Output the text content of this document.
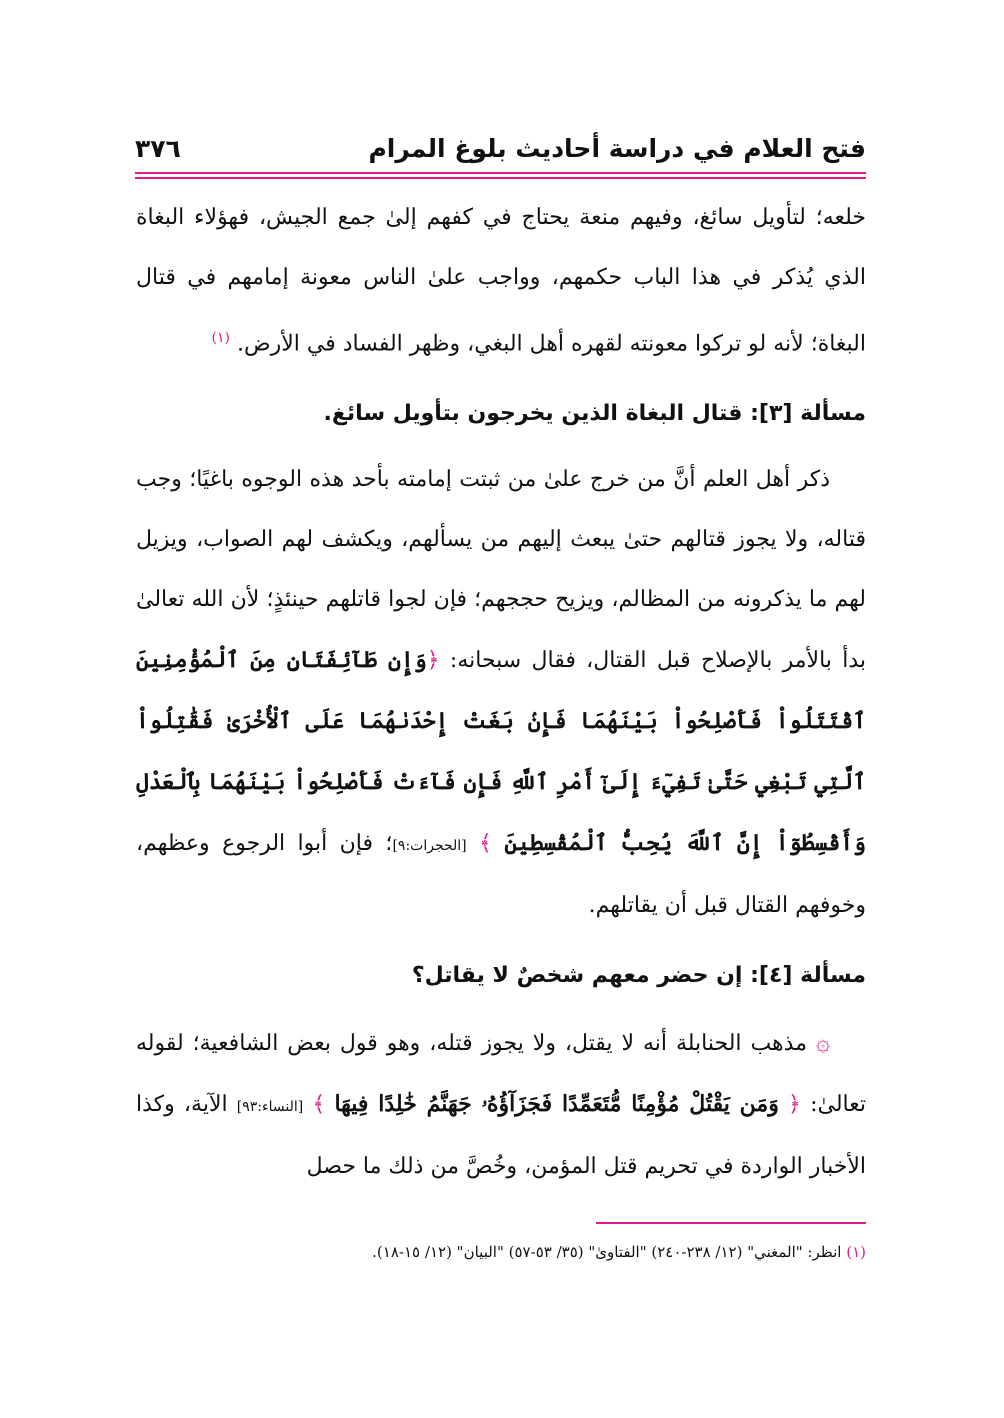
فتح العلام في دراسة أحاديث بلوغ المرام
٣٧٦

خلعه؛ لتأويل سائغ، وفيهم منعة يحتاج في كفهم إلىٰ جمع الجيش، فهؤلاء البغاة الذي يُذكر في هذا الباب حكمهم، وواجب علىٰ الناس معونة إمامهم في قتال البغاة؛ لأنه لو تركوا معونته لقهره أهل البغي، وظهر الفساد في الأرض. $^{(١)}$

مسألة [٣]: قتال البغاة الذين يخرجون بتأويل سائغ.

ذكر أهل العلم أنَّ من خرج علىٰ من ثبتت إمامته بأحد هذه الوجوه باغيًا؛ وجب قتاله، ولا يجوز قتالهم حتىٰ يبعث إليهم من يسألهم، ويكشف لهم الصواب، ويزيل لهم ما يذكرونه من المظالم، ويزيح حججهم؛ فإن لجوا قاتلهم حينئذٍ؛ لأن الله تعالىٰ بدأ بالأمر بالإصلاح قبل القتال، فقال سبحانه: ﴿وَإِن طَآئِفَتَانِ مِنَ ٱلْمُؤْمِنِينَ ٱقْتَتَلُواْ فَأَصْلِحُواْ بَيْنَهُمَا فَإِنۢ بَغَتْ إِحْدَىٰهُمَا عَلَى ٱلْأُخْرَىٰ فَقَٰتِلُواْ ٱلَّتِي تَبْغِي حَتَّىٰ تَفِيٓءَ إِلَىٰٓ أَمْرِ ٱللَّهِ فَإِن فَآءَتْ فَأَصْلِحُواْ بَيْنَهُمَا بِٱلْعَدْلِ وَأَقْسِطُوٓاْ إِنَّ ٱللَّهَ يُحِبُّ ٱلْمُقْسِطِينَ ﴾ [الحجرات:٩]؛ فإن أبوا الرجوع وعظهم، وخوفهم القتال قبل أن يقاتلهم.

مسألة [٤]: إن حضر معهم شخصٌ لا يقاتل؟

۞ مذهب الحنابلة أنه لا يقتل، ولا يجوز قتله، وهو قول بعض الشافعية؛ لقوله تعالىٰ: ﴿ وَمَن يَقْتُلْ مُؤْمِنًا مُّتَعَمِّدًا فَجَزَآؤُهُۥ جَهَنَّمُ خَٰلِدًا فِيهَا ﴾ [النساء:٩٣] الآية، وكذا الأخبار الواردة في تحريم قتل المؤمن، وخُصَّ من ذلك ما حصل

(١) انظر: "المغني" (١٢/ ٢٣٨-٢٤٠) "الفتاوىٰ" (٣٥/ ٥٣-٥٧) "البيان" (١٢/ ١٥-١٨).
